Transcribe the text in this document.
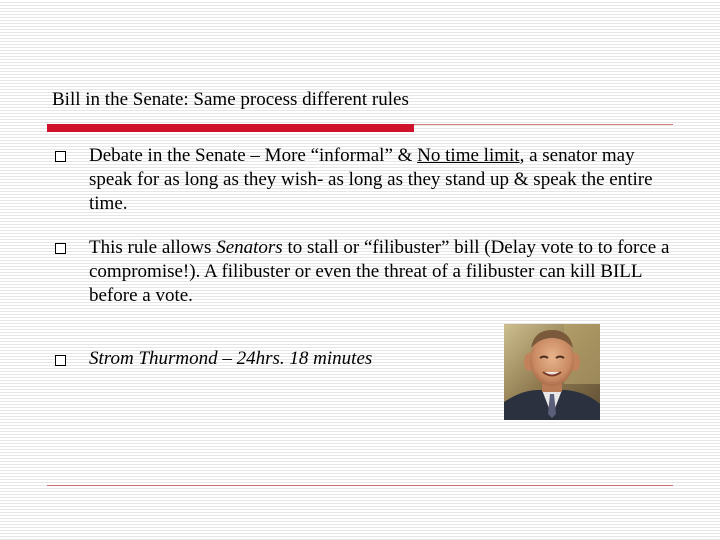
Bill in the Senate: Same process different rules
Debate in the Senate – More “informal” & No time limit, a senator may speak for as long as they wish- as long as they stand up & speak the entire time.
This rule allows Senators to stall or “filibuster” bill (Delay vote to to force a compromise!). A filibuster or even the threat of a filibuster can kill BILL before a vote.
Strom Thurmond – 24hrs. 18 minutes
